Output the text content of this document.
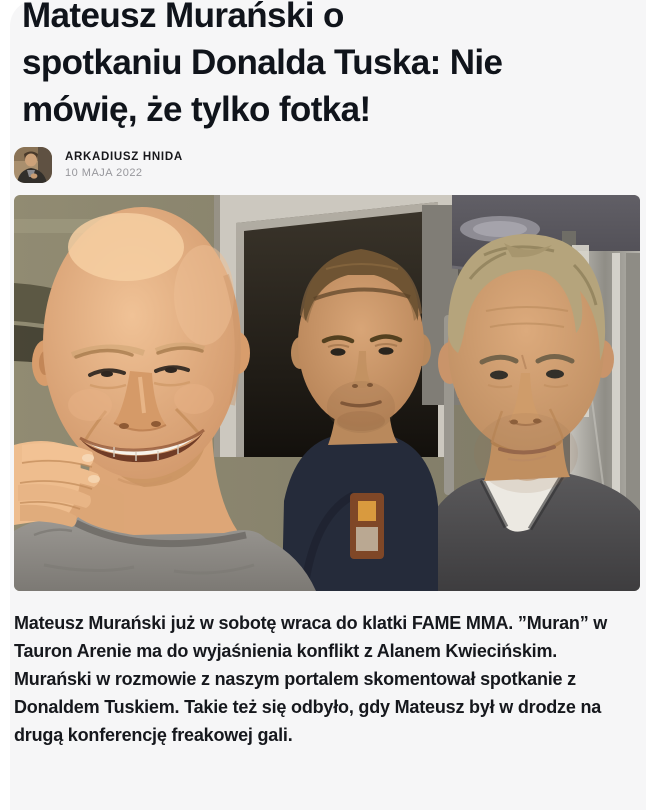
Mateusz Murański o
spotkaniu Donalda Tuska: Nie
mówię, że tylko fotka!
ARKADIUSZ HNIDA
10 MAJA 2022
Mateusz Murański już w sobotę wraca do klatki FAME MMA. ”Muran” w
Tauron Arenie ma do wyjaśnienia konflikt z Alanem Kwiecińskim.
Murański w rozmowie z naszym portalem skomentował spotkanie z
Donaldem Tuskiem. Takie też się odbyło, gdy Mateusz był w drodze na
drugą konferencję freakowej gali.
